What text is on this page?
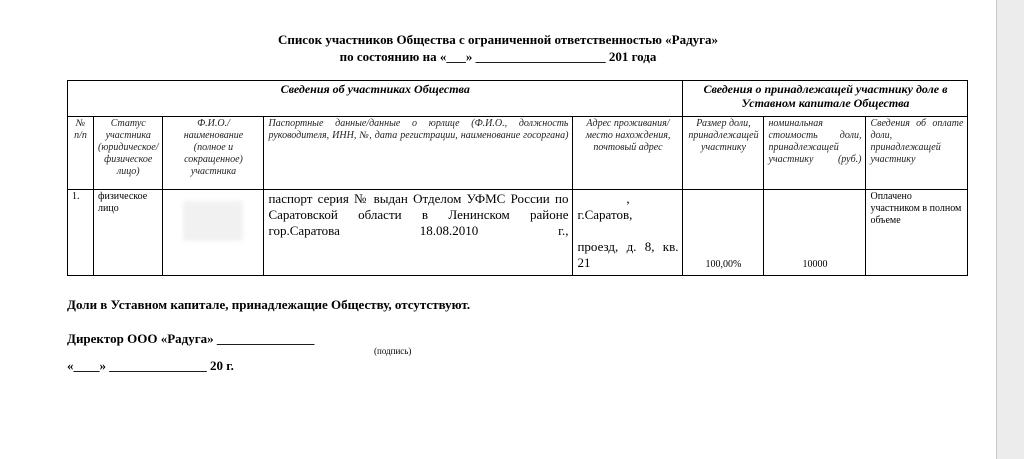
Список участников Общества с ограниченной ответственностью «Радуга»
по состоянию на «___» ____________________ 201 года
Сведения об участниках Общества					Сведения о принадлежащей участнику доле в Уставном капитале Общества		
№ п/п	Статус участника (юридическое/физическое лицо)	Ф.И.О./наименование (полное и сокращенное) участника	Паспортные данные/данные о юрлице (Ф.И.О., должность руководителя, ИНН, №, дата регистрации, наименование госоргана)	Адрес проживания/место нахождения, почтовый адрес	Размер доли, принадлежащей участнику	номинальная стоимость доли, принадлежащей участнику (руб.)	Сведения об оплате доли, принадлежащей участнику
1.	физическое лицо		паспорт серия № выдан Отделом УФМС России по Саратовской области в Ленинском районе гор.Саратова 18.08.2010 г.,	,
г.Саратов,
проезд, д. 8, кв. 21	100,00%	10000	Оплачено участником в полном объеме
Доли в Уставном капитале, принадлежащие Обществу, отсутствуют.
Директор ООО «Радуга» _______________
(подпись)
«____» _______________ 20 г.
